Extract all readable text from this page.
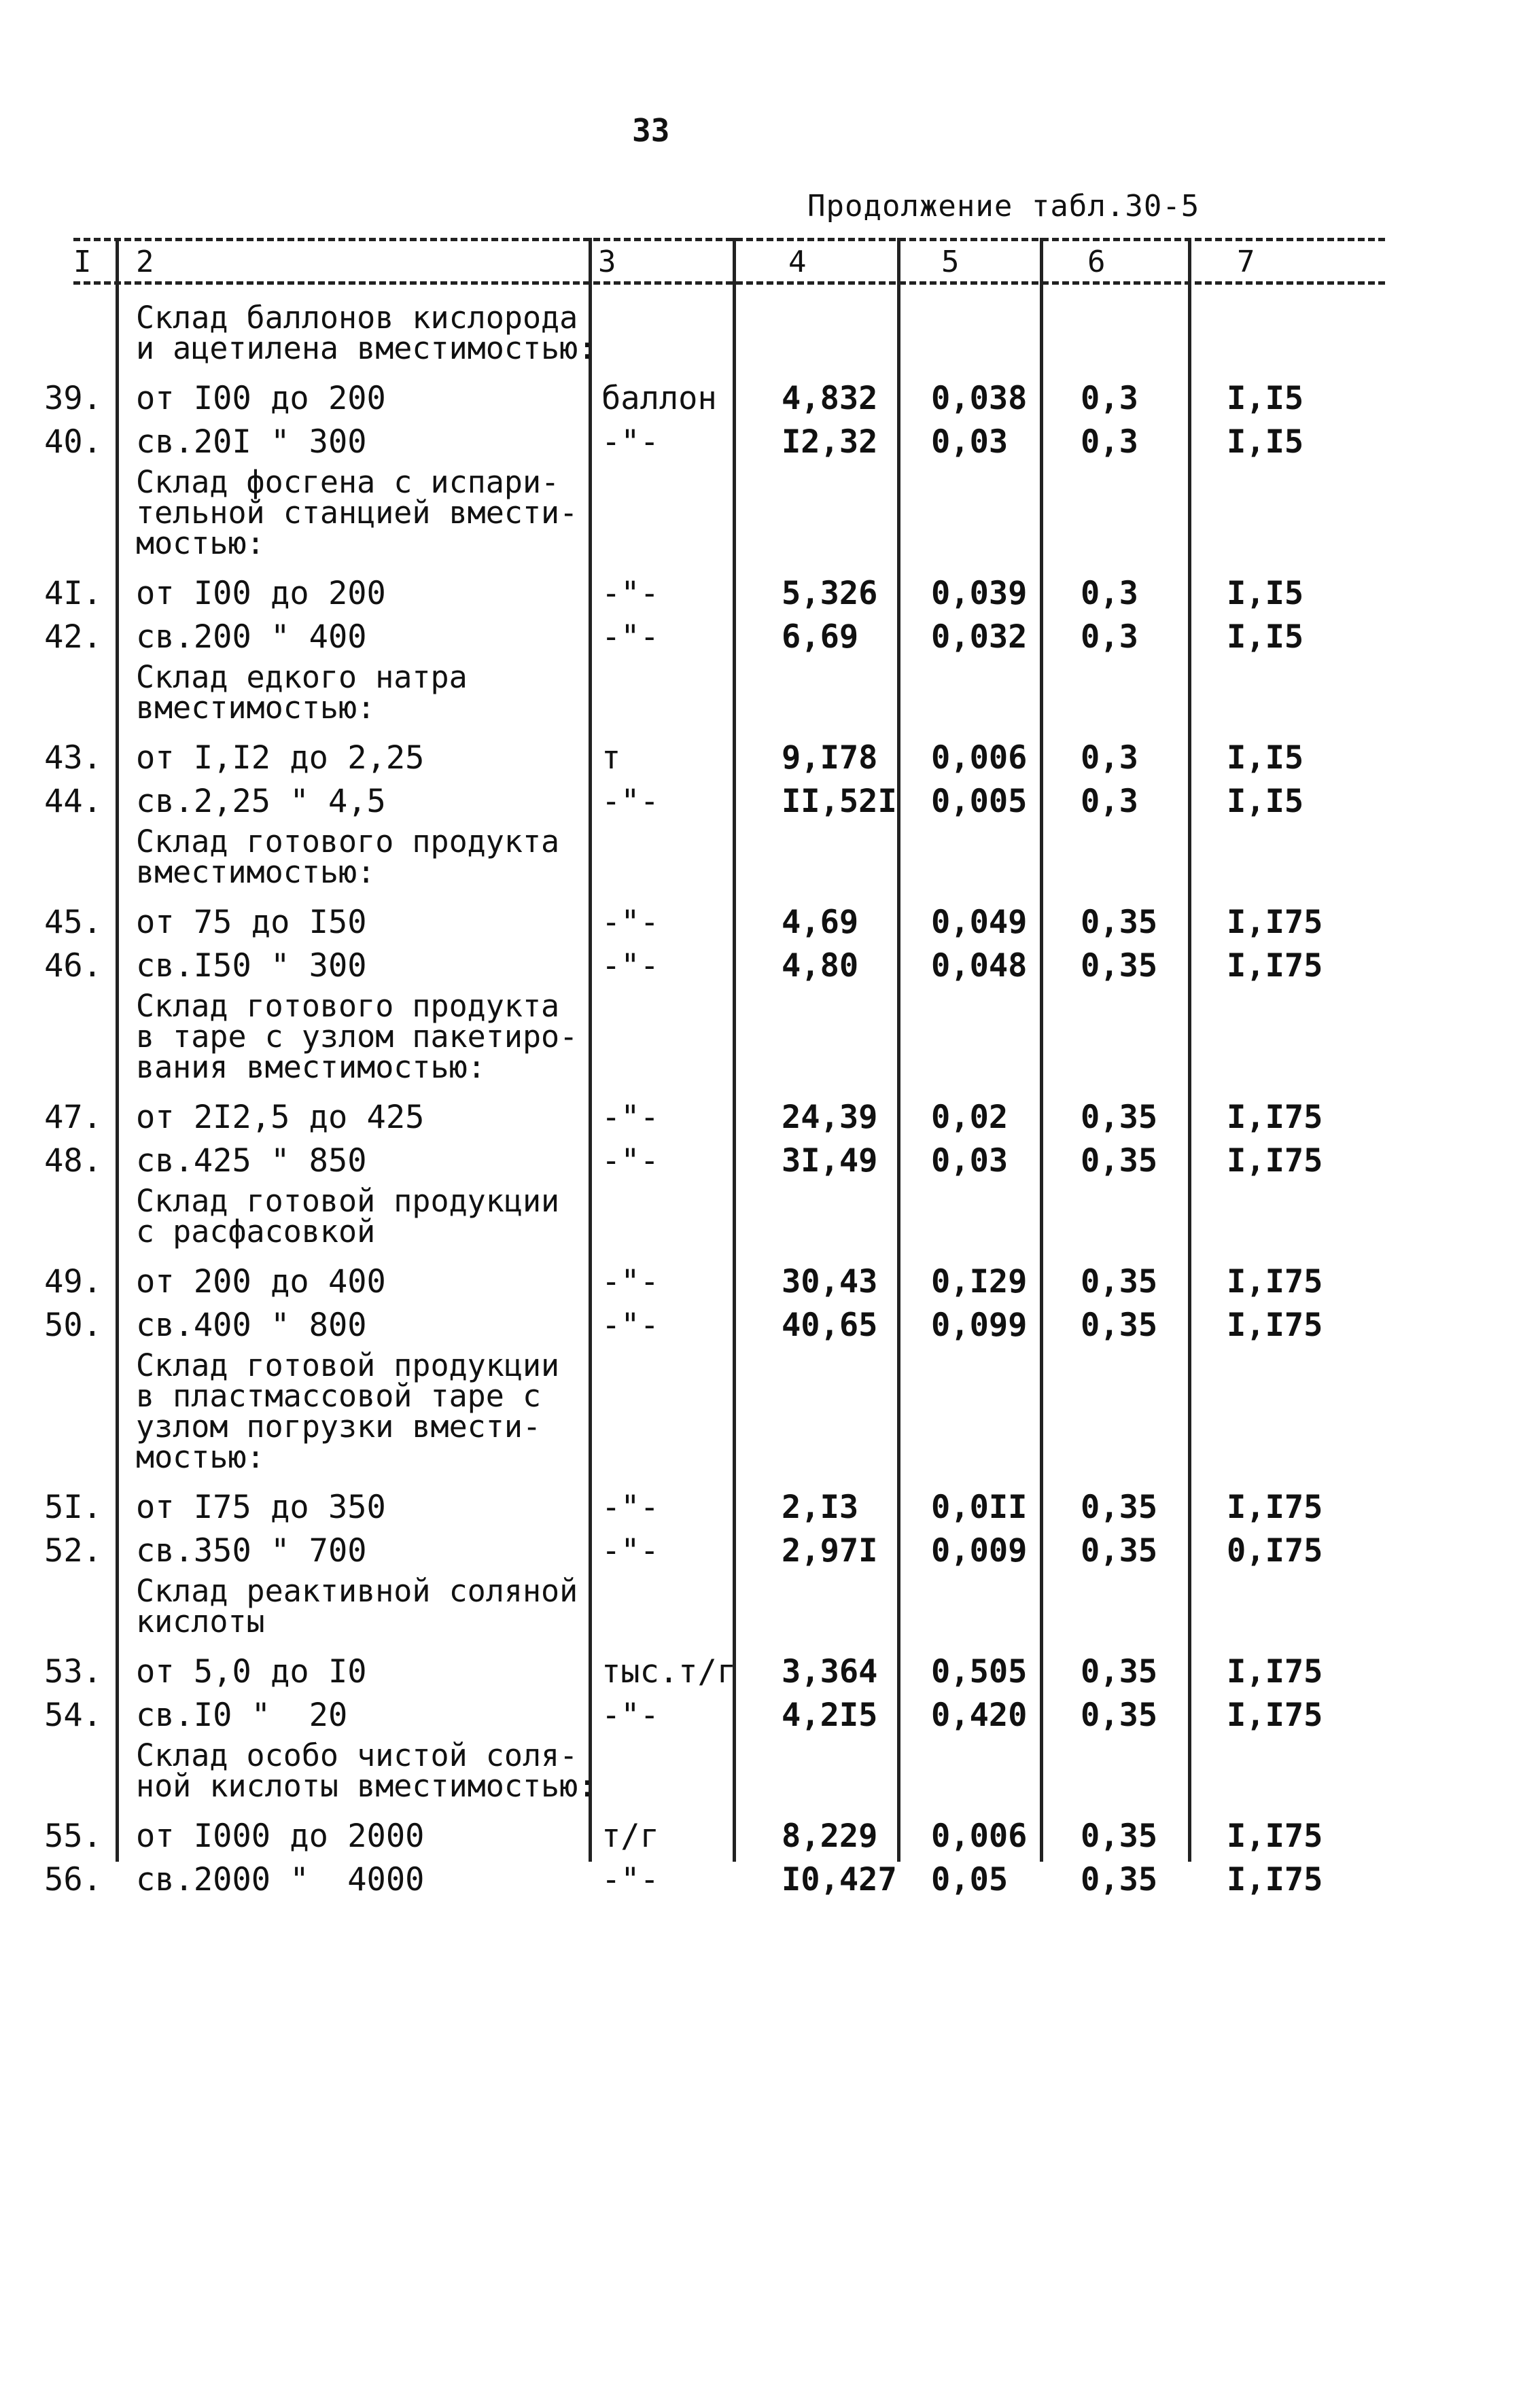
33
Продолжение табл.30-5
I 2	3	4	5	6	7
Склад баллонов кислорода
и ацетилена вместимостью:
39. от I00 до 200	баллон 4,832 0,038 0,3	I,I5
40. св.20I " 300	-"-	I2,32 0,03 0,3	I,I5
Склад фосгена с испари-
тельной станцией вмести-
мостью:
4I. от I00 до 200	-"-	5,326 0,039 0,3	I,I5
42. св.200 " 400	-"-	6,69 0,032 0,3	I,I5
Склад едкого натра
вместимостью:
43. от I,I2 до 2,25	т	9,I78 0,006 0,3	I,I5
44. св.2,25 " 4,5	-"-	II,52I 0,005 0,3	I,I5
Склад готового продукта
вместимостью:
45. от 75 до I50	-"-	4,69 0,049 0,35 I,I75
46. св.I50 " 300	-"-	4,80 0,048 0,35 I,I75
Склад готового продукта
в таре с узлом пакетиро-
вания вместимостью:
47. от 2I2,5 до 425	-"-	24,39 0,02 0,35 I,I75
48. св.425 " 850	-"-	3I,49 0,03 0,35 I,I75
Склад готовой продукции
с расфасовкой
49. от 200 до 400	-"-	30,43 0,I29 0,35 I,I75
50. св.400 " 800	-"-	40,65 0,099 0,35 I,I75
Склад готовой продукции
в пластмассовой таре с
узлом погрузки вмести-
мостью:
5I. от I75 до 350	-"-	2,I3 0,0II 0,35 I,I75
52. св.350 " 700	-"-	2,97I 0,009 0,35 0,I75
Склад реактивной соляной
кислоты
53. от 5,0 до I0	тыс.т/г 3,364 0,505 0,35 I,I75
54. св.I0 "  20	-"-	4,2I5 0,420 0,35 I,I75
Склад особо чистой соля-
ной кислоты вместимостью:
55. от I000 до 2000	т/г	8,229 0,006 0,35 I,I75
56. св.2000 "  4000	-"-	I0,427 0,05 0,35 I,I75
